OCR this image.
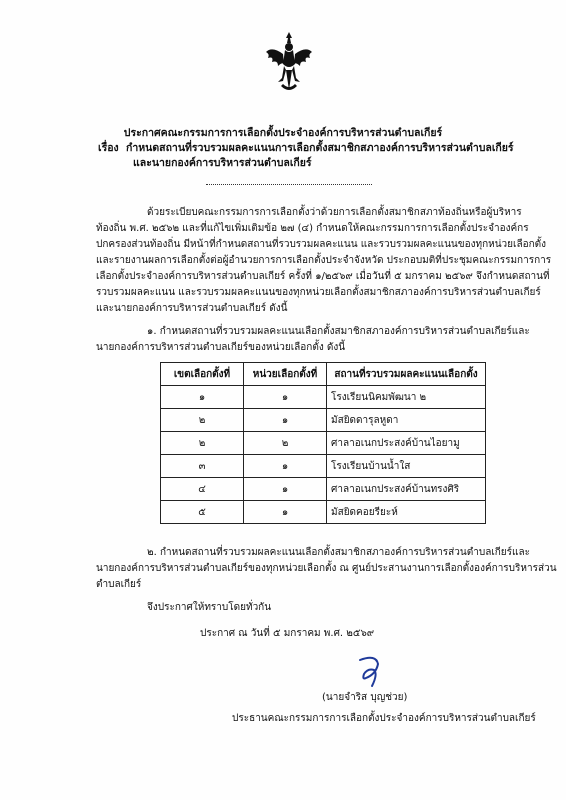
ประกาศคณะกรรมการการเลือกตั้งประจำองค์การบริหารส่วนตำบลเกียร์
เรื่อง กำหนดสถานที่รวบรวมผลคะแนนการเลือกตั้งสมาชิกสภาองค์การบริหารส่วนตำบลเกียร์
และนายกองค์การบริหารส่วนตำบลเกียร์
ด้วยระเบียบคณะกรรมการการเลือกตั้งว่าด้วยการเลือกตั้งสมาชิกสภาท้องถิ่นหรือผู้บริหาร
ท้องถิ่น พ.ศ. ๒๕๖๒ และที่แก้ไขเพิ่มเติมข้อ ๒๗ (๔) กำหนดให้คณะกรรมการการเลือกตั้งประจำองค์กร
ปกครองส่วนท้องถิ่น มีหน้าที่กำหนดสถานที่รวบรวมผลคะแนน และรวบรวมผลคะแนนของทุกหน่วยเลือกตั้ง
และรายงานผลการเลือกตั้งต่อผู้อำนวยการการเลือกตั้งประจำจังหวัด ประกอบมติที่ประชุมคณะกรรมการการ
เลือกตั้งประจำองค์การบริหารส่วนตำบลเกียร์ ครั้งที่ ๑/๒๕๖๙ เมื่อวันที่ ๕ มกราคม ๒๕๖๙ จึงกำหนดสถานที่
รวบรวมผลคะแนน และรวบรวมผลคะแนนของทุกหน่วยเลือกตั้งสมาชิกสภาองค์การบริหารส่วนตำบลเกียร์
และนายกองค์การบริหารส่วนตำบลเกียร์ ดังนี้
๑. กำหนดสถานที่รวบรวมผลคะแนนเลือกตั้งสมาชิกสภาองค์การบริหารส่วนตำบลเกียร์และ
นายกองค์การบริหารส่วนตำบลเกียร์ของหน่วยเลือกตั้ง ดังนี้
เขตเลือกตั้งที่	หน่วยเลือกตั้งที่	สถานที่รวบรวมผลคะแนนเลือกตั้ง
๑	๑	โรงเรียนนิคมพัฒนา ๒
๒	๑	มัสยิดดารุลหูดา
๒	๒	ศาลาอเนกประสงค์บ้านไอยามู
๓	๑	โรงเรียนบ้านน้ำใส
๔	๑	ศาลาอเนกประสงค์บ้านทรงศิริ
๕	๑	มัสยิดคอยรียะห์
๒. กำหนดสถานที่รวบรวมผลคะแนนเลือกตั้งสมาชิกสภาองค์การบริหารส่วนตำบลเกียร์และ
นายกองค์การบริหารส่วนตำบลเกียร์ของทุกหน่วยเลือกตั้ง ณ ศูนย์ประสานงานการเลือกตั้งองค์การบริหารส่วน
ตำบลเกียร์
จึงประกาศให้ทราบโดยทั่วกัน
ประกาศ ณ วันที่ ๕ มกราคม พ.ศ. ๒๕๖๙
(นายจำริส บุญช่วย)
ประธานคณะกรรมการการเลือกตั้งประจำองค์การบริหารส่วนตำบลเกียร์
